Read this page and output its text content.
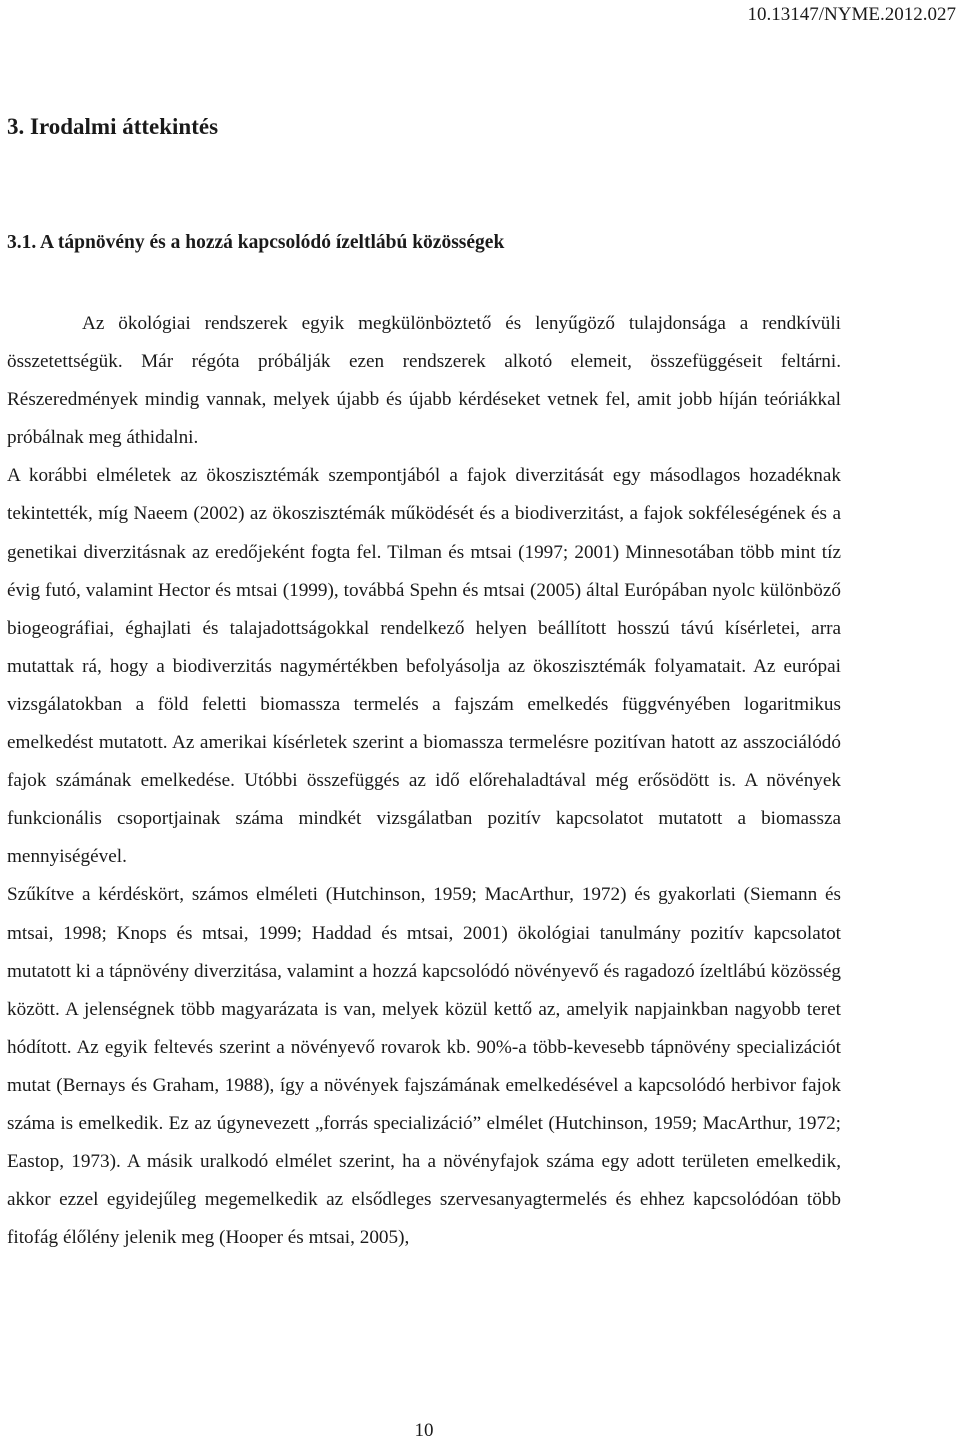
10.13147/NYME.2012.027
3. Irodalmi áttekintés
3.1. A tápnövény és a hozzá kapcsolódó ízeltlábú közösségek

Az ökológiai rendszerek egyik megkülönböztető és lenyűgöző tulajdonsága a rendkívüli összetettségük. Már régóta próbálják ezen rendszerek alkotó elemeit, összefüggéseit feltárni. Részeredmények mindig vannak, melyek újabb és újabb kérdéseket vetnek fel, amit jobb híján teóriákkal próbálnak meg áthidalni.

A korábbi elméletek az ökoszisztémák szempontjából a fajok diverzitását egy másodlagos hozadéknak tekintették, míg Naeem (2002) az ökoszisztémák működését és a biodiverzitást, a fajok sokféleségének és a genetikai diverzitásnak az eredőjeként fogta fel. Tilman és mtsai (1997; 2001) Minnesotában több mint tíz évig futó, valamint Hector és mtsai (1999), továbbá Spehn és mtsai (2005) által Európában nyolc különböző biogeográfiai, éghajlati és talajadottságokkal rendelkező helyen beállított hosszú távú kísérletei, arra mutattak rá, hogy a biodiverzitás nagymértékben befolyásolja az ökoszisztémák folyamatait. Az európai vizsgálatokban a föld feletti biomassza termelés a fajszám emelkedés függvényében logaritmikus emelkedést mutatott. Az amerikai kísérletek szerint a biomassza termelésre pozitívan hatott az asszociálódó fajok számának emelkedése. Utóbbi összefüggés az idő előrehaladtával még erősödött is. A növények funkcionális csoportjainak száma mindkét vizsgálatban pozitív kapcsolatot mutatott a biomassza mennyiségével.

Szűkítve a kérdéskört, számos elméleti (Hutchinson, 1959; MacArthur, 1972) és gyakorlati (Siemann és mtsai, 1998; Knops és mtsai, 1999; Haddad és mtsai, 2001) ökológiai tanulmány pozitív kapcsolatot mutatott ki a tápnövény diverzitása, valamint a hozzá kapcsolódó növényevő és ragadozó ízeltlábú közösség között. A jelenségnek több magyarázata is van, melyek közül kettő az, amelyik napjainkban nagyobb teret hódított. Az egyik feltevés szerint a növényevő rovarok kb. 90%-a több-kevesebb tápnövény specializációt mutat (Bernays és Graham, 1988), így a növények fajszámának emelkedésével a kapcsolódó herbivor fajok száma is emelkedik. Ez az úgynevezett „forrás specializáció” elmélet (Hutchinson, 1959; MacArthur, 1972; Eastop, 1973). A másik uralkodó elmélet szerint, ha a növényfajok száma egy adott területen emelkedik, akkor ezzel egyidejűleg megemelkedik az elsődleges szervesanyagtermelés és ehhez kapcsolódóan több fitofág élőlény jelenik meg (Hooper és mtsai, 2005),

10
